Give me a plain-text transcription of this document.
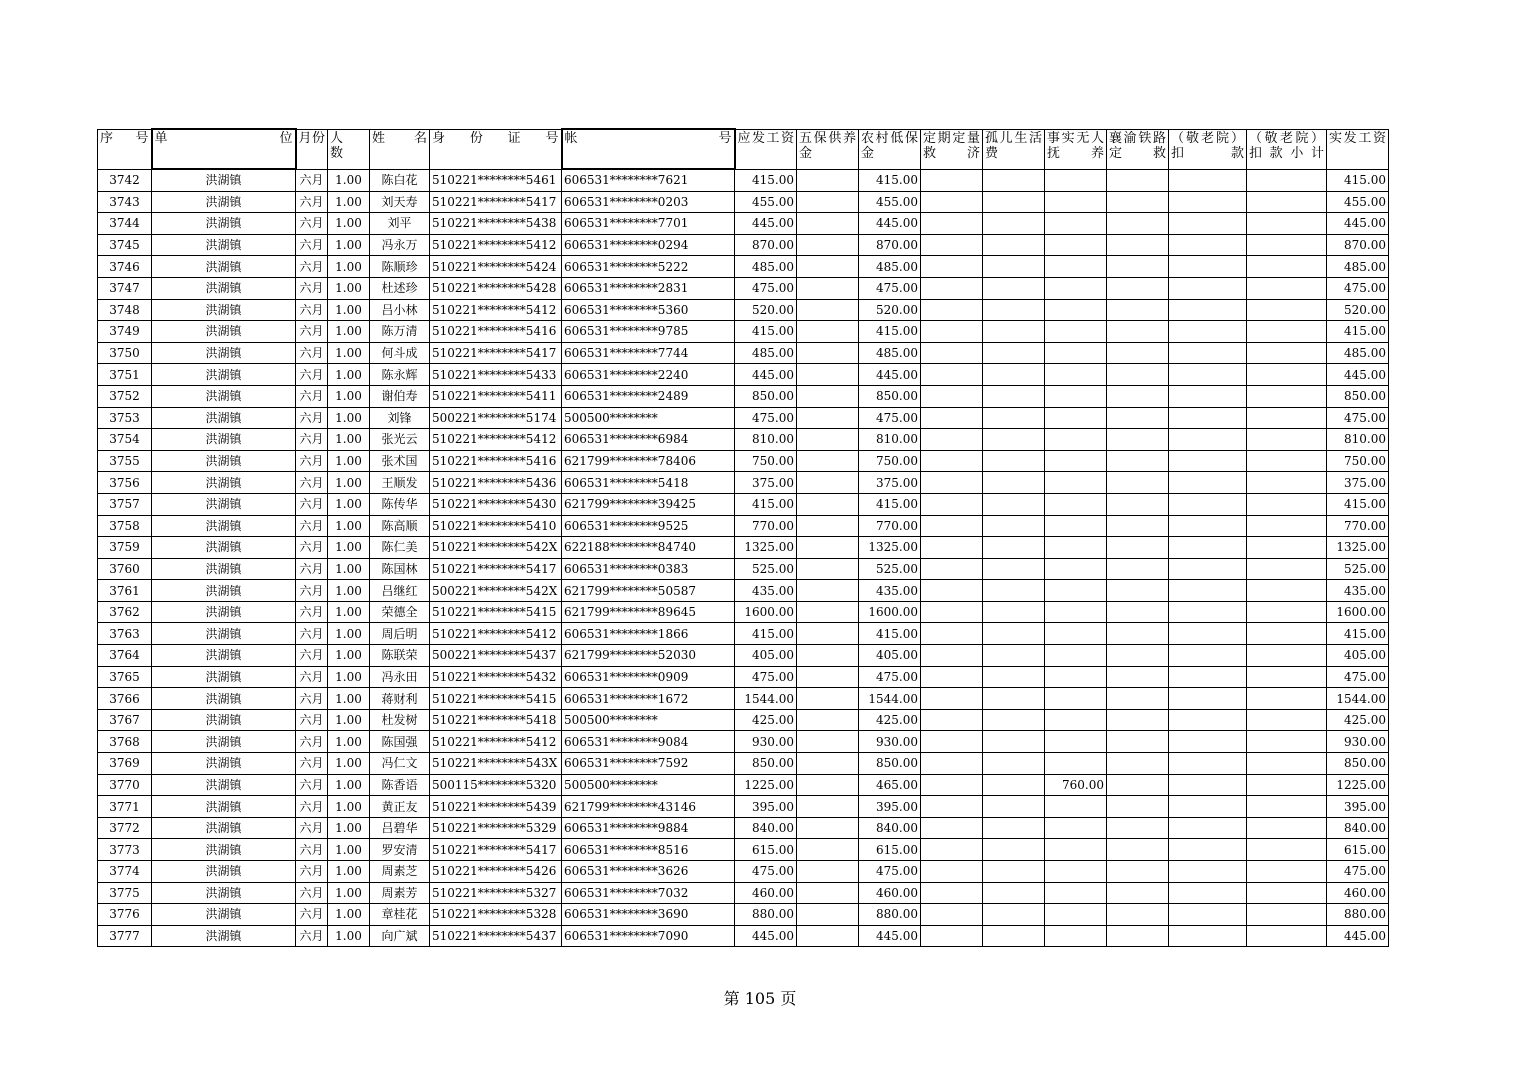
序　号	单　　　　位	月份	人　数	姓　　名	身　份　证　号	帐　　　　　　　号	应发工资	五保供养金	农村低保金	定期定量救济	孤儿生活费	事实无人抚养	襄渝铁路定救	（敬老院）扣　款	（敬老院）扣款小计	实发工资
3742	洪湖镇	六月	1.00	陈白花	510221********5461	606531********7621	415.00		415.00							415.00
3743	洪湖镇	六月	1.00	刘天寿	510221********5417	606531********0203	455.00		455.00							455.00
3744	洪湖镇	六月	1.00	刘平	510221********5438	606531********7701	445.00		445.00							445.00
3745	洪湖镇	六月	1.00	冯永万	510221********5412	606531********0294	870.00		870.00							870.00
3746	洪湖镇	六月	1.00	陈顺珍	510221********5424	606531********5222	485.00		485.00							485.00
3747	洪湖镇	六月	1.00	杜述珍	510221********5428	606531********2831	475.00		475.00							475.00
3748	洪湖镇	六月	1.00	吕小林	510221********5412	606531********5360	520.00		520.00							520.00
3749	洪湖镇	六月	1.00	陈万清	510221********5416	606531********9785	415.00		415.00							415.00
3750	洪湖镇	六月	1.00	何斗成	510221********5417	606531********7744	485.00		485.00							485.00
3751	洪湖镇	六月	1.00	陈永辉	510221********5433	606531********2240	445.00		445.00							445.00
3752	洪湖镇	六月	1.00	谢伯寿	510221********5411	606531********2489	850.00		850.00							850.00
3753	洪湖镇	六月	1.00	刘锋	500221********5174	500500********	475.00		475.00							475.00
3754	洪湖镇	六月	1.00	张光云	510221********5412	606531********6984	810.00		810.00							810.00
3755	洪湖镇	六月	1.00	张术国	510221********5416	621799********78406	750.00		750.00							750.00
3756	洪湖镇	六月	1.00	王顺发	510221********5436	606531********5418	375.00		375.00							375.00
3757	洪湖镇	六月	1.00	陈传华	510221********5430	621799********39425	415.00		415.00							415.00
3758	洪湖镇	六月	1.00	陈高顺	510221********5410	606531********9525	770.00		770.00							770.00
3759	洪湖镇	六月	1.00	陈仁美	510221********542X	622188********84740	1325.00		1325.00							1325.00
3760	洪湖镇	六月	1.00	陈国林	510221********5417	606531********0383	525.00		525.00							525.00
3761	洪湖镇	六月	1.00	吕继红	500221********542X	621799********50587	435.00		435.00							435.00
3762	洪湖镇	六月	1.00	荣德全	510221********5415	621799********89645	1600.00		1600.00							1600.00
3763	洪湖镇	六月	1.00	周后明	510221********5412	606531********1866	415.00		415.00							415.00
3764	洪湖镇	六月	1.00	陈联荣	500221********5437	621799********52030	405.00		405.00							405.00
3765	洪湖镇	六月	1.00	冯永田	510221********5432	606531********0909	475.00		475.00							475.00
3766	洪湖镇	六月	1.00	蒋财利	510221********5415	606531********1672	1544.00		1544.00							1544.00
3767	洪湖镇	六月	1.00	杜发树	510221********5418	500500********	425.00		425.00							425.00
3768	洪湖镇	六月	1.00	陈国强	510221********5412	606531********9084	930.00		930.00							930.00
3769	洪湖镇	六月	1.00	冯仁文	510221********543X	606531********7592	850.00		850.00							850.00
3770	洪湖镇	六月	1.00	陈香语	500115********5320	500500********	1225.00		465.00			760.00				1225.00
3771	洪湖镇	六月	1.00	黄正友	510221********5439	621799********43146	395.00		395.00							395.00
3772	洪湖镇	六月	1.00	吕碧华	510221********5329	606531********9884	840.00		840.00							840.00
3773	洪湖镇	六月	1.00	罗安清	510221********5417	606531********8516	615.00		615.00							615.00
3774	洪湖镇	六月	1.00	周素芝	510221********5426	606531********3626	475.00		475.00							475.00
3775	洪湖镇	六月	1.00	周素芳	510221********5327	606531********7032	460.00		460.00							460.00
3776	洪湖镇	六月	1.00	章桂花	510221********5328	606531********3690	880.00		880.00							880.00
3777	洪湖镇	六月	1.00	向广斌	510221********5437	606531********7090	445.00		445.00							445.00
第 105 页
